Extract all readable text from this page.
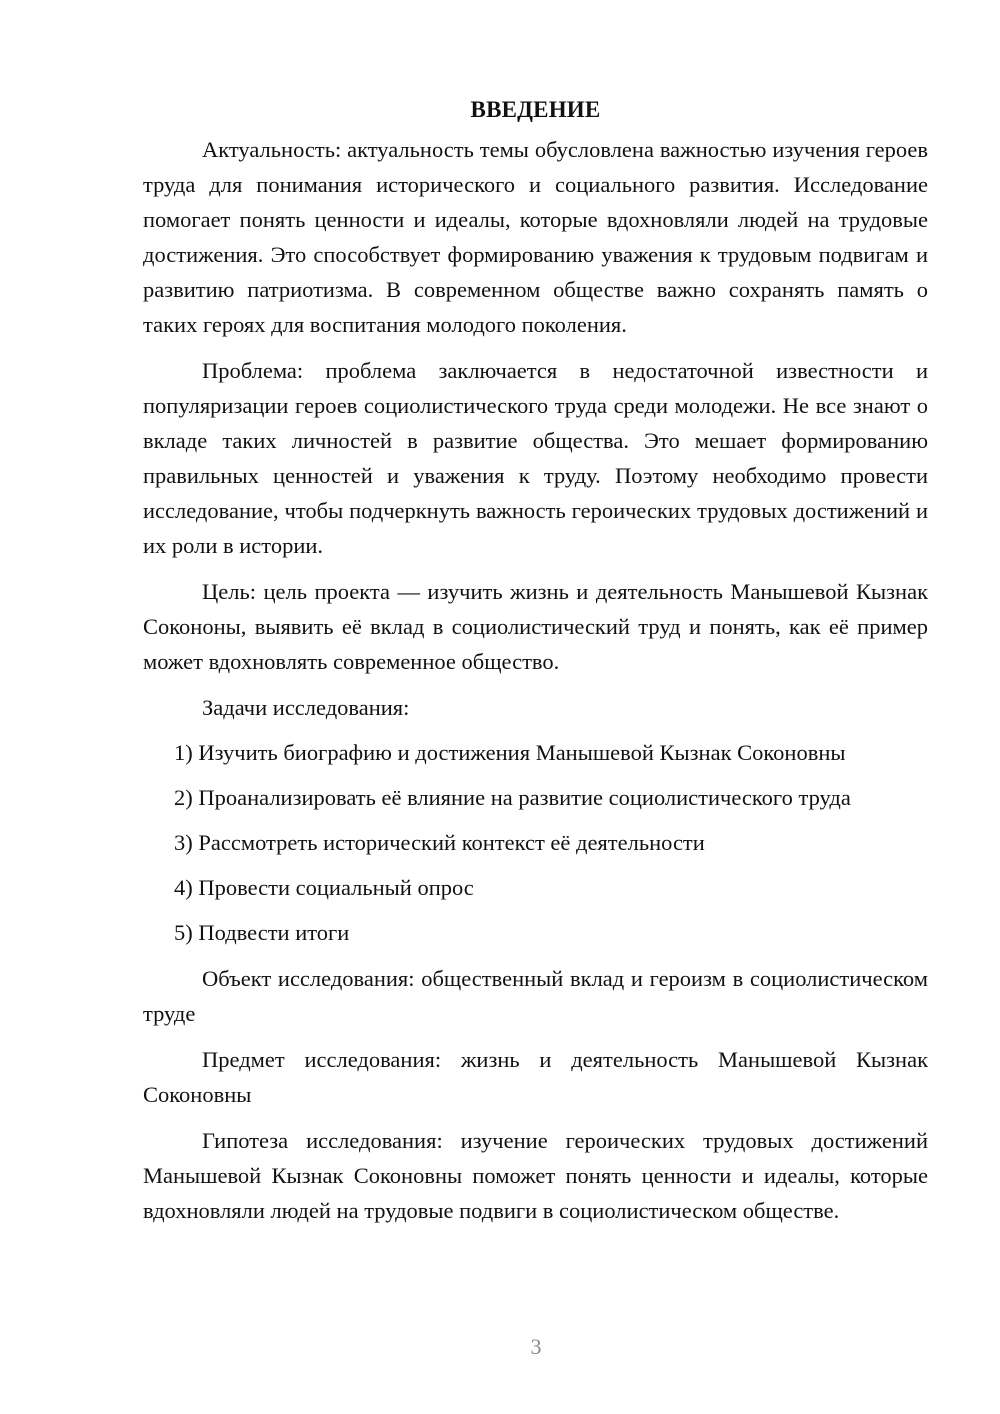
ВВЕДЕНИЕ

Актуальность: актуальность темы обусловлена важностью изучения героев труда для понимания исторического и социального развития. Исследование помогает понять ценности и идеалы, которые вдохновляли людей на трудовые достижения. Это способствует формированию уважения к трудовым подвигам и развитию патриотизма. В современном обществе важно сохранять память о таких героях для воспитания молодого поколения.

Проблема: проблема заключается в недостаточной известности и популяризации героев социолистического труда среди молодежи. Не все знают о вкладе таких личностей в развитие общества. Это мешает формированию правильных ценностей и уважения к труду. Поэтому необходимо провести исследование, чтобы подчеркнуть важность героических трудовых достижений и их роли в истории.

Цель: цель проекта — изучить жизнь и деятельность Манышевой Кызнак Сокононы, выявить её вклад в социолистический труд и понять, как её пример может вдохновлять современное общество.

Задачи исследования:

1) Изучить биографию и достижения Манышевой Кызнак Соконовны
2) Проанализировать её влияние на развитие социолистического труда
3) Рассмотреть исторический контекст её деятельности
4) Провести социальный опрос
5) Подвести итоги

Объект исследования: общественный вклад и героизм в социолистическом труде

Предмет исследования: жизнь и деятельность Манышевой Кызнак Соконовны

Гипотеза исследования: изучение героических трудовых достижений Манышевой Кызнак Соконовны поможет понять ценности и идеалы, которые вдохновляли людей на трудовые подвиги в социолистическом обществе.

3
